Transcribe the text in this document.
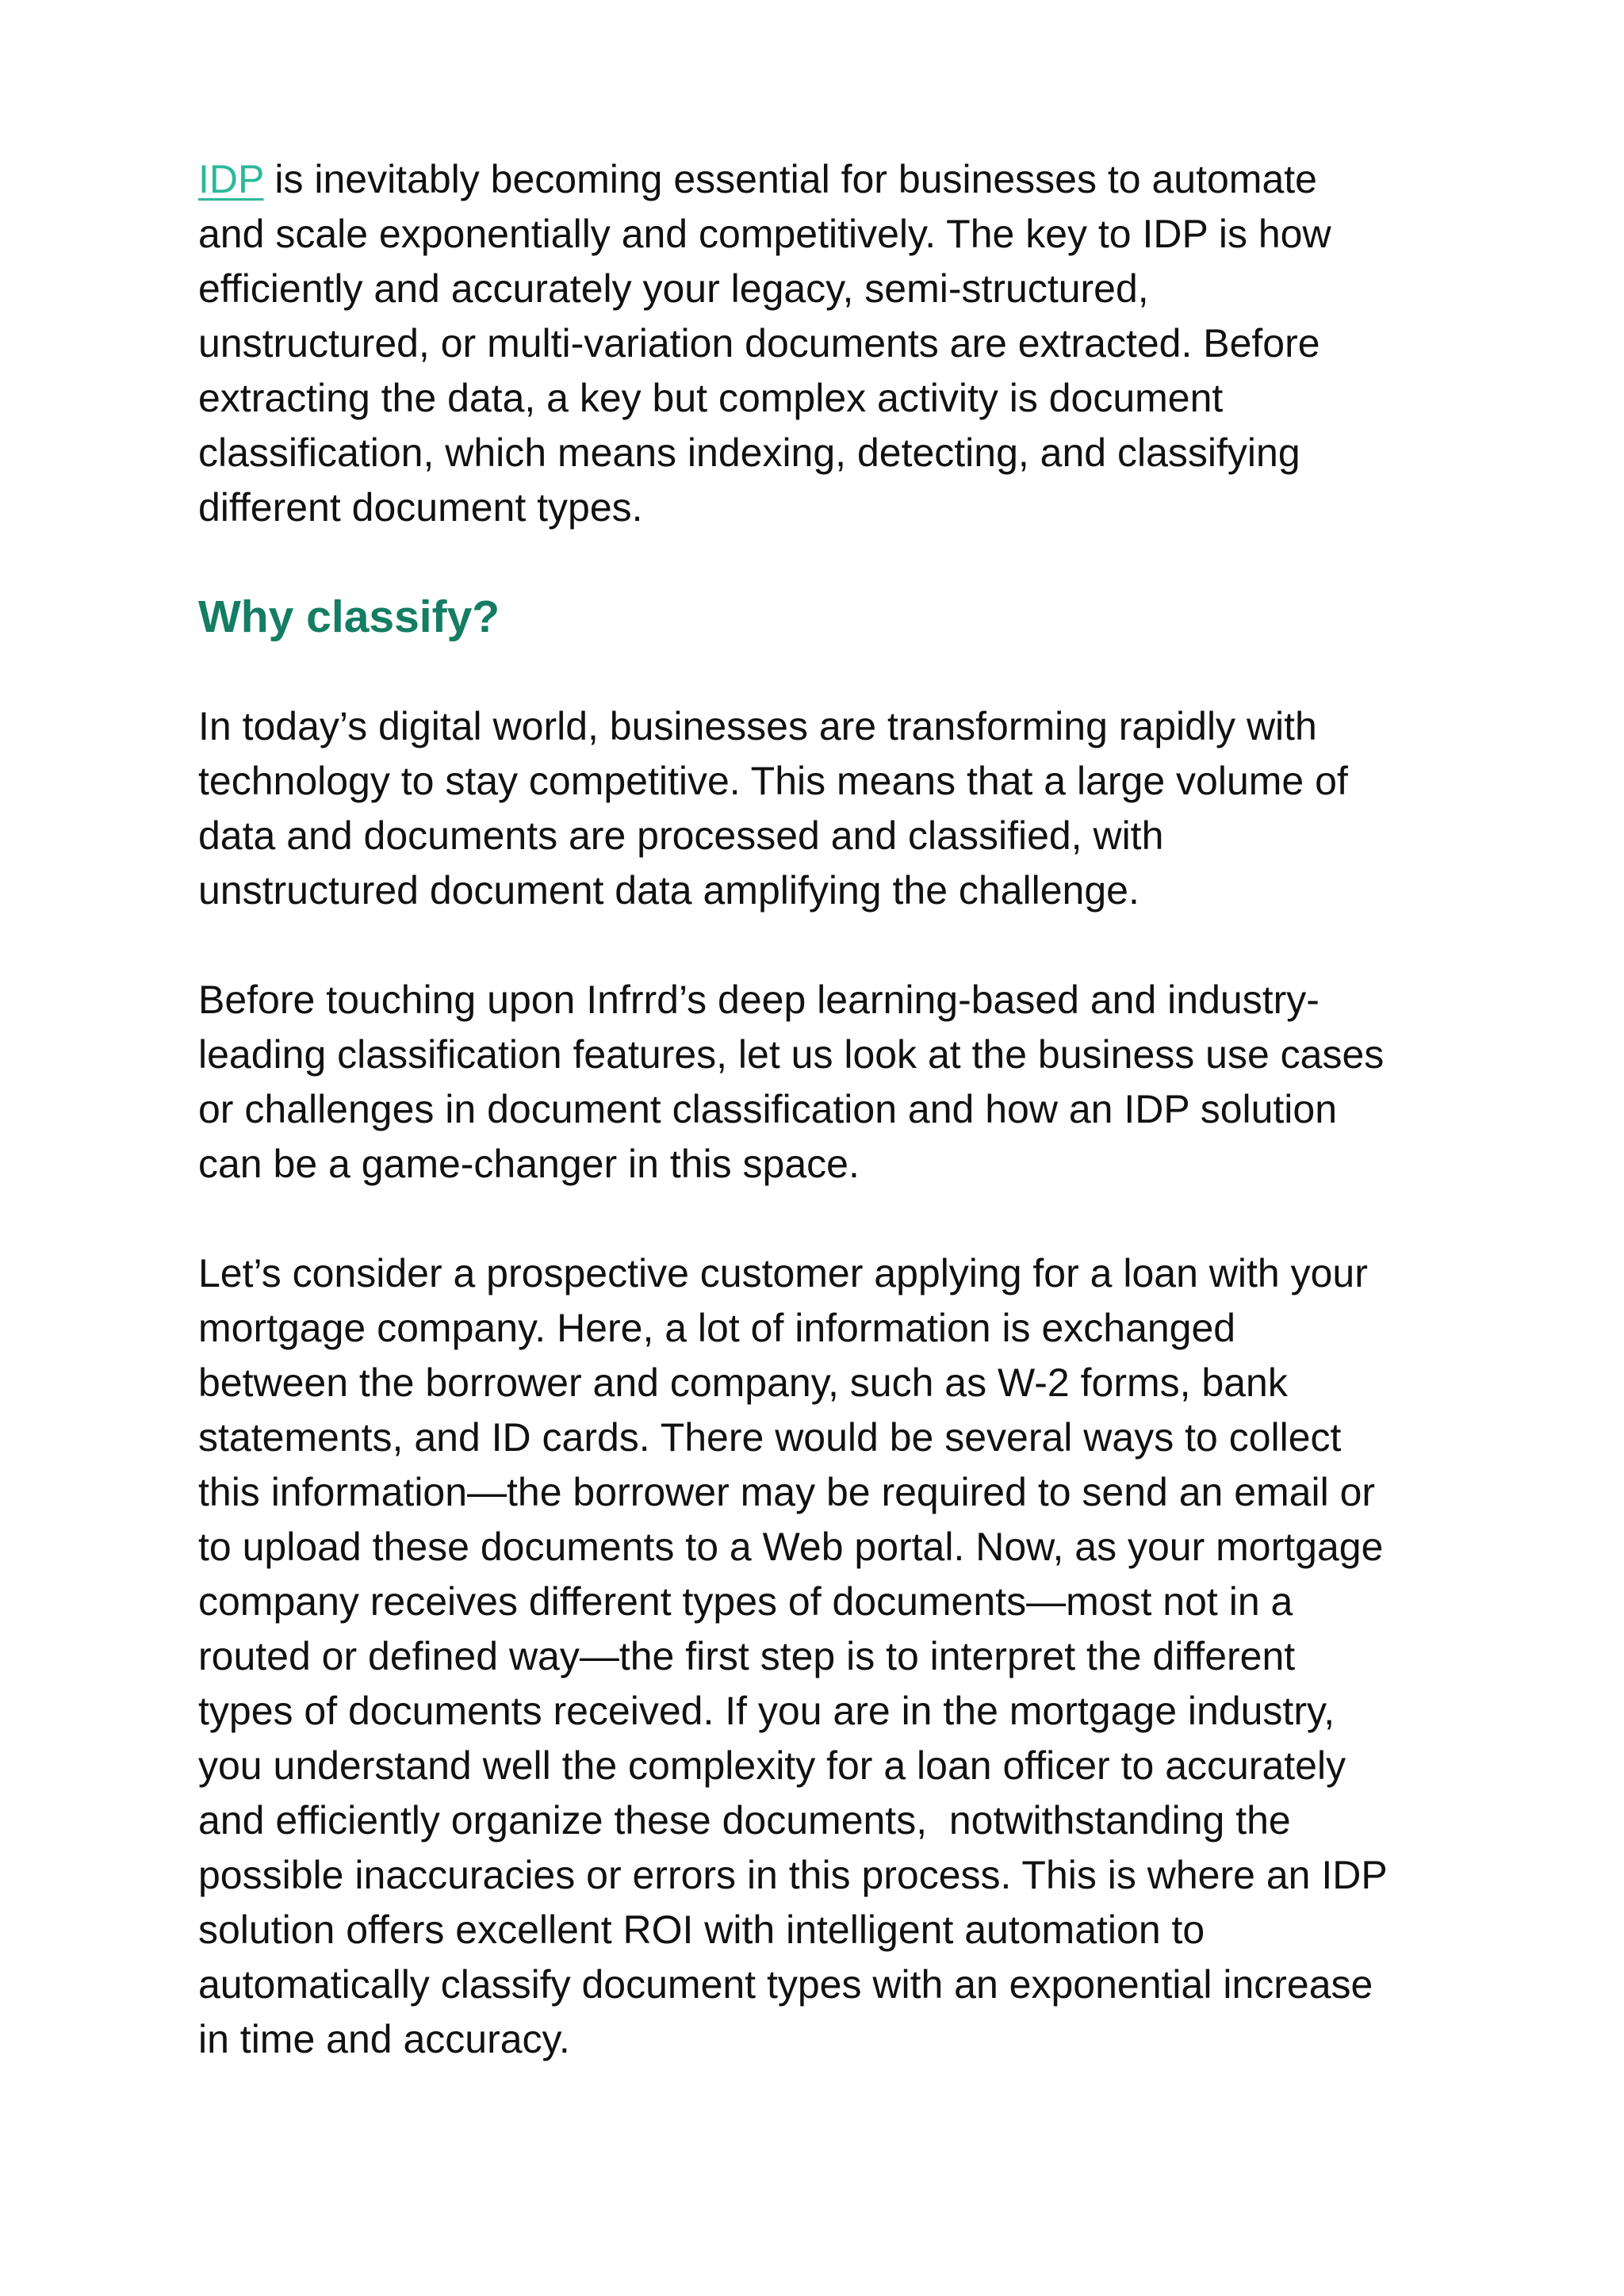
IDP is inevitably becoming essential for businesses to automate
and scale exponentially and competitively. The key to IDP is how
efficiently and accurately your legacy, semi-structured,
unstructured, or multi-variation documents are extracted. Before
extracting the data, a key but complex activity is document
classification, which means indexing, detecting, and classifying
different document types.

Why classify?

In today’s digital world, businesses are transforming rapidly with
technology to stay competitive. This means that a large volume of
data and documents are processed and classified, with
unstructured document data amplifying the challenge.

Before touching upon Infrrd’s deep learning-based and industry-
leading classification features, let us look at the business use cases
or challenges in document classification and how an IDP solution
can be a game-changer in this space.

Let’s consider a prospective customer applying for a loan with your
mortgage company. Here, a lot of information is exchanged
between the borrower and company, such as W-2 forms, bank
statements, and ID cards. There would be several ways to collect
this information—the borrower may be required to send an email or
to upload these documents to a Web portal. Now, as your mortgage
company receives different types of documents—most not in a
routed or defined way—the first step is to interpret the different
types of documents received. If you are in the mortgage industry,
you understand well the complexity for a loan officer to accurately
and efficiently organize these documents,  notwithstanding the
possible inaccuracies or errors in this process. This is where an IDP
solution offers excellent ROI with intelligent automation to
automatically classify document types with an exponential increase
in time and accuracy.
